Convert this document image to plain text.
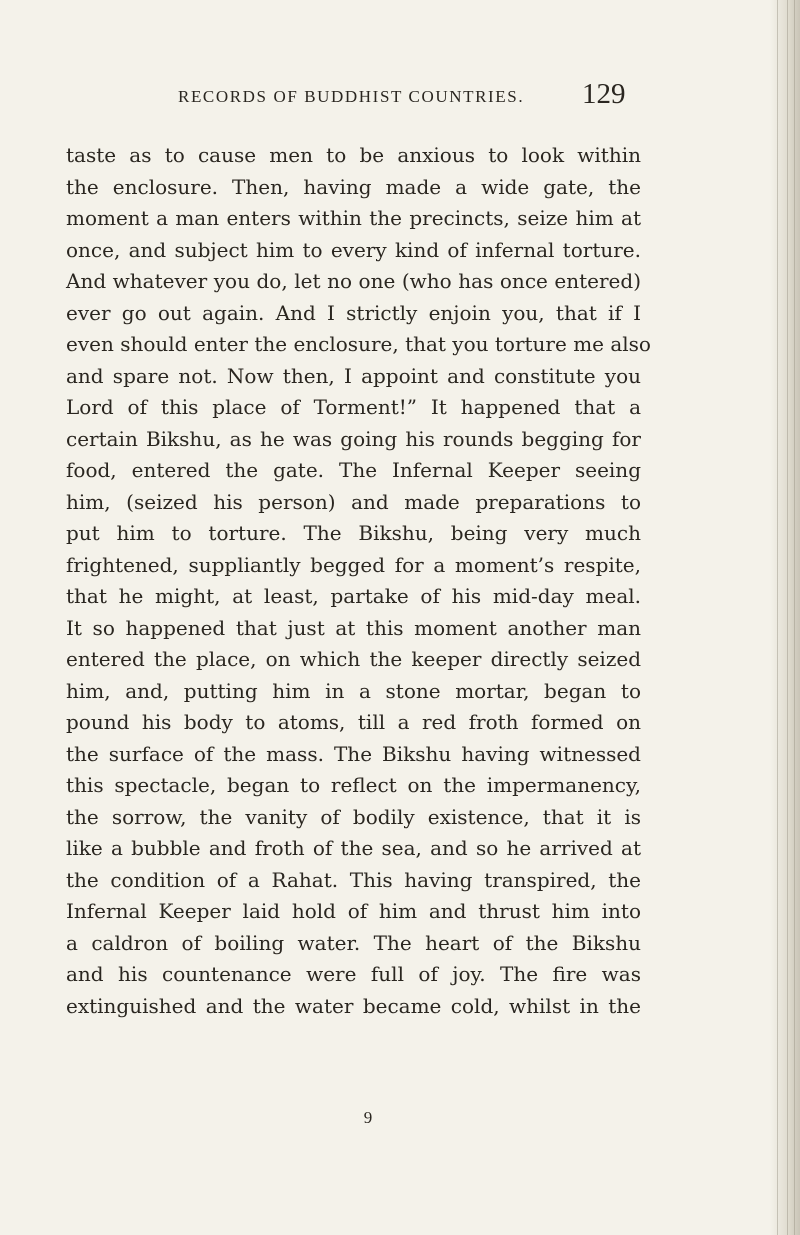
RECORDS OF BUDDHIST COUNTRIES. 129
taste as to cause men to be anxious to look within
the enclosure. Then, having made a wide gate, the
moment a man enters within the precincts, seize him at
once, and subject him to every kind of infernal torture.
And whatever you do, let no one (who has once entered)
ever go out again. And I strictly enjoin you, that if I
even should enter the enclosure, that you torture me also
and spare not. Now then, I appoint and constitute you
Lord of this place of Torment!” It happened that a
certain Bikshu, as he was going his rounds begging for
food, entered the gate. The Infernal Keeper seeing
him, (seized his person) and made preparations to
put him to torture. The Bikshu, being very much
frightened, suppliantly begged for a moment’s respite,
that he might, at least, partake of his mid-day meal.
It so happened that just at this moment another man
entered the place, on which the keeper directly seized
him, and, putting him in a stone mortar, began to
pound his body to atoms, till a red froth formed on
the surface of the mass. The Bikshu having witnessed
this spectacle, began to reflect on the impermanency,
the sorrow, the vanity of bodily existence, that it is
like a bubble and froth of the sea, and so he arrived at
the condition of a Rahat. This having transpired, the
Infernal Keeper laid hold of him and thrust him into
a caldron of boiling water. The heart of the Bikshu
and his countenance were full of joy. The fire was
extinguished and the water became cold, whilst in the
9
